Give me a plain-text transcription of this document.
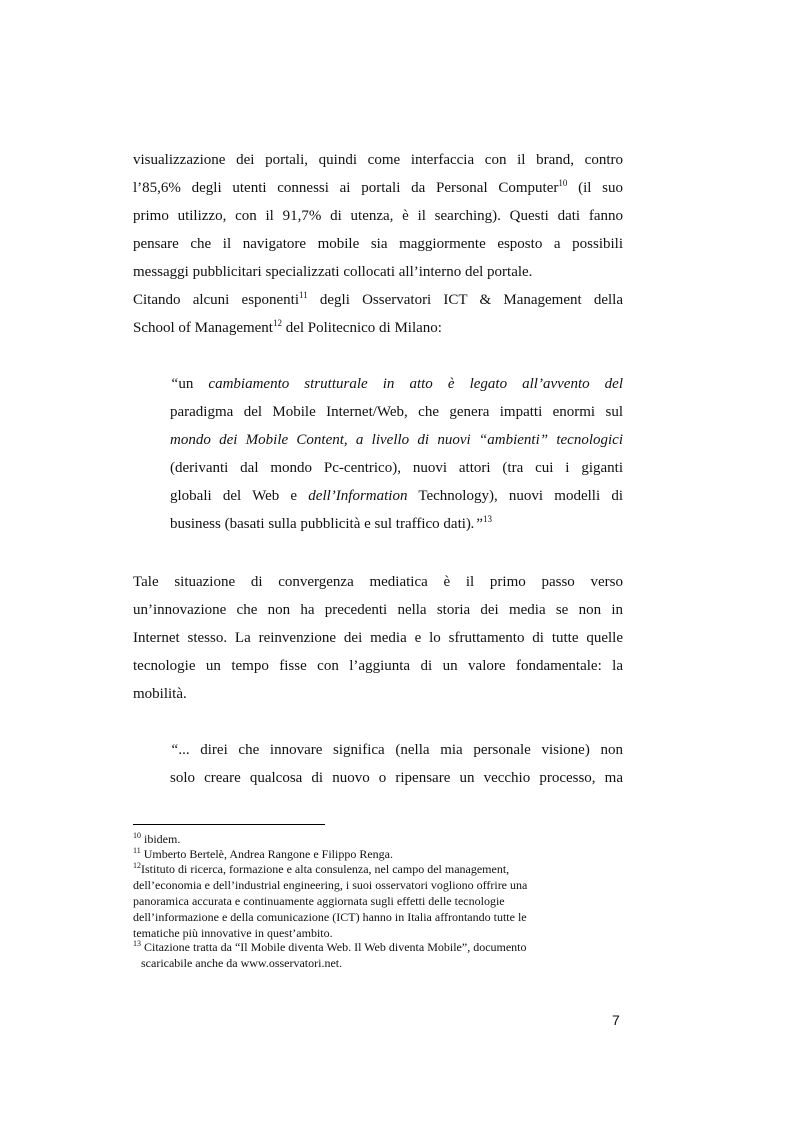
visualizzazione dei portali, quindi come interfaccia con il brand, contro
l’85,6% degli utenti connessi ai portali da Personal Computer$^{10}$ (il suo
primo utilizzo, con il 91,7% di utenza, è il searching). Questi dati fanno
pensare che il navigatore mobile sia maggiormente esposto a possibili
messaggi pubblicitari specializzati collocati all’interno del portale.
Citando alcuni esponenti$^{11}$ degli Osservatori ICT & Management della
School of Management$^{12}$ del Politecnico di Milano:
“un cambiamento strutturale in atto è legato all’avvento del
paradigma del Mobile Internet/Web, che genera impatti enormi sul
mondo dei Mobile Content, a livello di nuovi “ambienti” tecnologici
(derivanti dal mondo Pc-centrico), nuovi attori (tra cui i giganti
globali del Web e dell’Information Technology), nuovi modelli di
business (basati sulla pubblicità e sul traffico dati).”$^{13}$
Tale situazione di convergenza mediatica è il primo passo verso
un’innovazione che non ha precedenti nella storia dei media se non in
Internet stesso. La reinvenzione dei media e lo sfruttamento di tutte quelle
tecnologie un tempo fisse con l’aggiunta di un valore fondamentale: la
mobilità.
“... direi che innovare significa (nella mia personale visione) non
solo creare qualcosa di nuovo o ripensare un vecchio processo, ma
$^{10}$ ibidem.
$^{11}$ Umberto Bertelè, Andrea Rangone e Filippo Renga.
$^{12}$Istituto di ricerca, formazione e alta consulenza, nel campo del management,
dell’economia e dell’industrial engineering, i suoi osservatori vogliono offrire una
panoramica accurata e continuamente aggiornata sugli effetti delle tecnologie
dell’informazione e della comunicazione (ICT) hanno in Italia affrontando tutte le
tematiche più innovative in quest’ambito.
$^{13}$ Citazione tratta da “Il Mobile diventa Web. Il Web diventa Mobile”, documento
scaricabile anche da www.osservatori.net.
7
